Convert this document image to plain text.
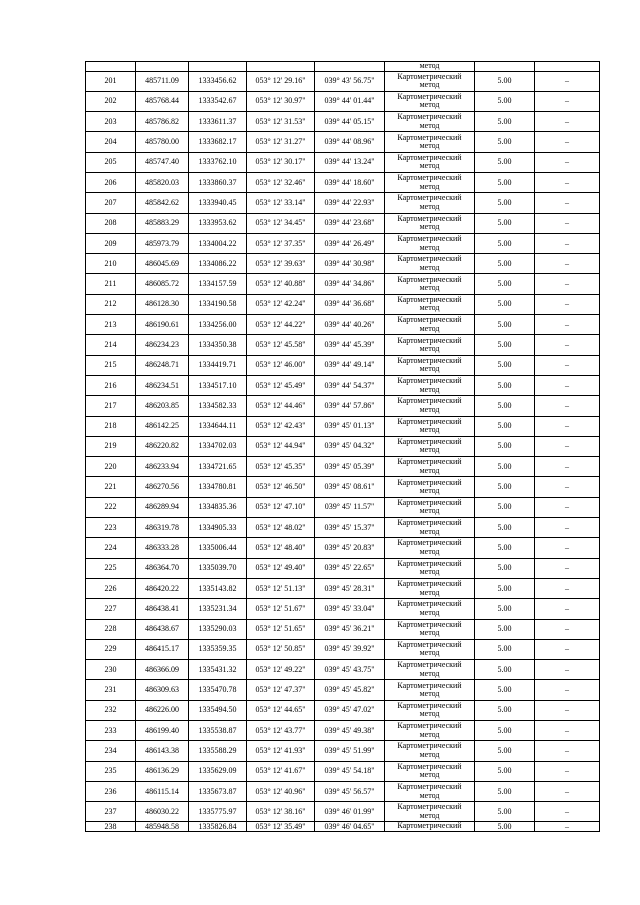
					метод		

201	485711.09	1333456.62	053° 12' 29.16"	039° 43' 56.75"	Картометрический
метод	5.00	–
202	485768.44	1333542.67	053° 12' 30.97"	039° 44' 01.44"	Картометрический
метод	5.00	–
203	485786.82	1333611.37	053° 12' 31.53"	039° 44' 05.15"	Картометрический
метод	5.00	–
204	485780.00	1333682.17	053° 12' 31.27"	039° 44' 08.96"	Картометрический
метод	5.00	–
205	485747.40	1333762.10	053° 12' 30.17"	039° 44' 13.24"	Картометрический
метод	5.00	–
206	485820.03	1333860.37	053° 12' 32.46"	039° 44' 18.60"	Картометрический
метод	5.00	–
207	485842.62	1333940.45	053° 12' 33.14"	039° 44' 22.93"	Картометрический
метод	5.00	–
208	485883.29	1333953.62	053° 12' 34.45"	039° 44' 23.68"	Картометрический
метод	5.00	–
209	485973.79	1334004.22	053° 12' 37.35"	039° 44' 26.49"	Картометрический
метод	5.00	–
210	486045.69	1334086.22	053° 12' 39.63"	039° 44' 30.98"	Картометрический
метод	5.00	–
211	486085.72	1334157.59	053° 12' 40.88"	039° 44' 34.86"	Картометрический
метод	5.00	–
212	486128.30	1334190.58	053° 12' 42.24"	039° 44' 36.68"	Картометрический
метод	5.00	–
213	486190.61	1334256.00	053° 12' 44.22"	039° 44' 40.26"	Картометрический
метод	5.00	–
214	486234.23	1334350.38	053° 12' 45.58"	039° 44' 45.39"	Картометрический
метод	5.00	–
215	486248.71	1334419.71	053° 12' 46.00"	039° 44' 49.14"	Картометрический
метод	5.00	–
216	486234.51	1334517.10	053° 12' 45.49"	039° 44' 54.37"	Картометрический
метод	5.00	–
217	486203.85	1334582.33	053° 12' 44.46"	039° 44' 57.86"	Картометрический
метод	5.00	–
218	486142.25	1334644.11	053° 12' 42.43"	039° 45' 01.13"	Картометрический
метод	5.00	–
219	486220.82	1334702.03	053° 12' 44.94"	039° 45' 04.32"	Картометрический
метод	5.00	–
220	486233.94	1334721.65	053° 12' 45.35"	039° 45' 05.39"	Картометрический
метод	5.00	–
221	486270.56	1334780.81	053° 12' 46.50"	039° 45' 08.61"	Картометрический
метод	5.00	–
222	486289.94	1334835.36	053° 12' 47.10"	039° 45' 11.57"	Картометрический
метод	5.00	–
223	486319.78	1334905.33	053° 12' 48.02"	039° 45' 15.37"	Картометрический
метод	5.00	–
224	486333.28	1335006.44	053° 12' 48.40"	039° 45' 20.83"	Картометрический
метод	5.00	–
225	486364.70	1335039.70	053° 12' 49.40"	039° 45' 22.65"	Картометрический
метод	5.00	–
226	486420.22	1335143.82	053° 12' 51.13"	039° 45' 28.31"	Картометрический
метод	5.00	–
227	486438.41	1335231.34	053° 12' 51.67"	039° 45' 33.04"	Картометрический
метод	5.00	–
228	486438.67	1335290.03	053° 12' 51.65"	039° 45' 36.21"	Картометрический
метод	5.00	–
229	486415.17	1335359.35	053° 12' 50.85"	039° 45' 39.92"	Картометрический
метод	5.00	–
230	486366.09	1335431.32	053° 12' 49.22"	039° 45' 43.75"	Картометрический
метод	5.00	–
231	486309.63	1335470.78	053° 12' 47.37"	039° 45' 45.82"	Картометрический
метод	5.00	–
232	486226.00	1335494.50	053° 12' 44.65"	039° 45' 47.02"	Картометрический
метод	5.00	–
233	486199.40	1335538.87	053° 12' 43.77"	039° 45' 49.38"	Картометрический
метод	5.00	–
234	486143.38	1335588.29	053° 12' 41.93"	039° 45' 51.99"	Картометрический
метод	5.00	–
235	486136.29	1335629.09	053° 12' 41.67"	039° 45' 54.18"	Картометрический
метод	5.00	–
236	486115.14	1335673.87	053° 12' 40.96"	039° 45' 56.57"	Картометрический
метод	5.00	–
237	486030.22	1335775.97	053° 12' 38.16"	039° 46' 01.99"	Картометрический
метод	5.00	–
238	485948.58	1335826.84	053° 12' 35.49"	039° 46' 04.65"	Картометрический	5.00	–
